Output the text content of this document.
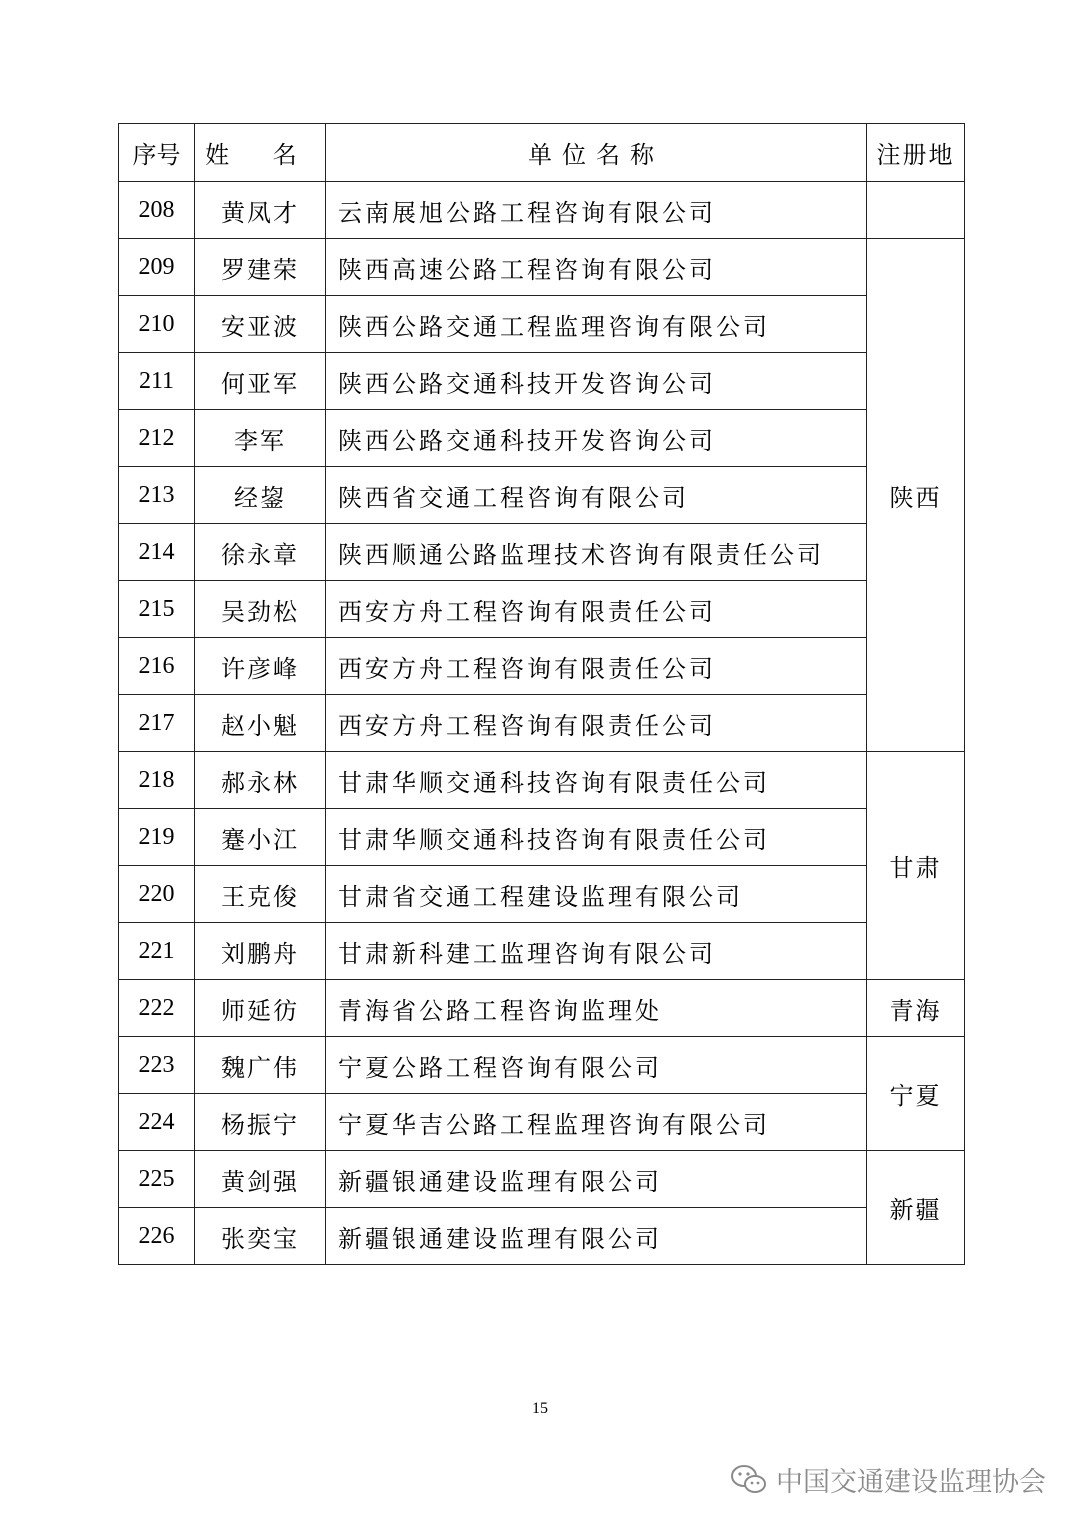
序号	姓 名	单位名称	注册地
208	黄凤才	云南展旭公路工程咨询有限公司	
209	罗建荣	陕西高速公路工程咨询有限公司	陕西
210	安亚波	陕西公路交通工程监理咨询有限公司	
211	何亚军	陕西公路交通科技开发咨询公司	
212	李军	陕西公路交通科技开发咨询公司	
213	经鋆	陕西省交通工程咨询有限公司	
214	徐永章	陕西顺通公路监理技术咨询有限责任公司	
215	吴劲松	西安方舟工程咨询有限责任公司	
216	许彦峰	西安方舟工程咨询有限责任公司	
217	赵小魁	西安方舟工程咨询有限责任公司	
218	郝永林	甘肃华顺交通科技咨询有限责任公司	甘肃
219	蹇小江	甘肃华顺交通科技咨询有限责任公司	
220	王克俊	甘肃省交通工程建设监理有限公司	
221	刘鹏舟	甘肃新科建工监理咨询有限公司	
222	师延彷	青海省公路工程咨询监理处	青海
223	魏广伟	宁夏公路工程咨询有限公司	宁夏
224	杨振宁	宁夏华吉公路工程监理咨询有限公司	
225	黄剑强	新疆银通建设监理有限公司	新疆
226	张奕宝	新疆银通建设监理有限公司	
15
中国交通建设监理协会
